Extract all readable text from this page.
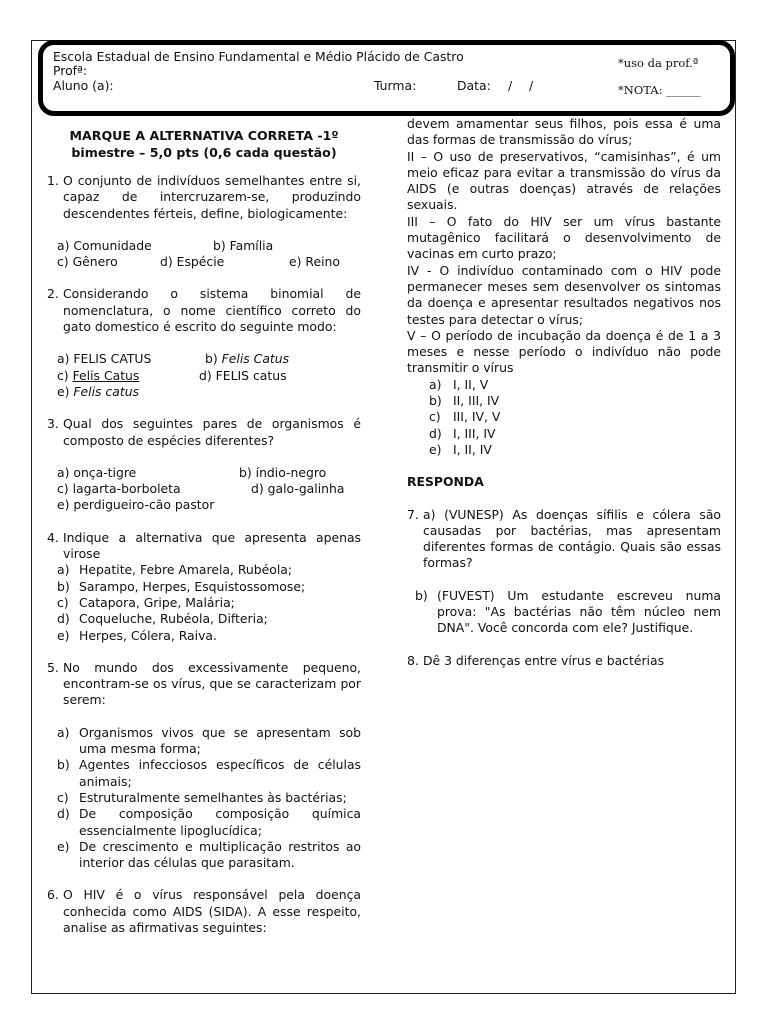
Escola Estadual de Ensino Fundamental e Médio Plácido de Castro
Profª:
Aluno (a):	Turma:	Data: / /
*uso da prof.ª
*NOTA: ______
MARQUE A ALTERNATIVA CORRETA -1º
bimestre – 5,0 pts (0,6 cada questão)
1. O conjunto de indivíduos semelhantes entre si, capaz de intercruzarem-se, produzindo descendentes férteis, define, biologicamente:
a) Comunidade	b) Família
c) Gênero	d) Espécie	e) Reino
2. Considerando o sistema binomial de nomenclatura, o nome científico correto do gato domestico é escrito do seguinte modo:
a) FELIS CATUS	b) Felis Catus
c) Felis Catus	d) FELIS catus
e) Felis catus
3. Qual dos seguintes pares de organismos é composto de espécies diferentes?
a) onça-tigre	b) índio-negro
c) lagarta-borboleta	d) galo-galinha
e) perdigueiro-cão pastor
4. Indique a alternativa que apresenta apenas virose
a) Hepatite, Febre Amarela, Rubéola;
b) Sarampo, Herpes, Esquistossomose;
c) Catapora, Gripe, Malária;
d) Coqueluche, Rubéola, Difteria;
e) Herpes, Cólera, Raiva.
5. No mundo dos excessivamente pequeno, encontram-se os vírus, que se caracterizam por serem:
a) Organismos vivos que se apresentam sob uma mesma forma;
b) Agentes infecciosos específicos de células animais;
c) Estruturalmente semelhantes às bactérias;
d) De composição composição química essencialmente lipoglucídica;
e) De crescimento e multiplicação restritos ao interior das células que parasitam.
6. O HIV é o vírus responsável pela doença conhecida como AIDS (SIDA). A esse respeito, analise as afirmativas seguintes:
devem amamentar seus filhos, pois essa é uma das formas de transmissão do vírus;
II – O uso de preservativos, “camisinhas”, é um meio eficaz para evitar a transmissão do vírus da AIDS (e outras doenças) através de relações sexuais.
III – O fato do HIV ser um vírus bastante mutagênico facilitará o desenvolvimento de vacinas em curto prazo;
IV - O indivíduo contaminado com o HIV pode permanecer meses sem desenvolver os sintomas da doença e apresentar resultados negativos nos testes para detectar o vírus;
V – O período de incubação da doença é de 1 a 3 meses e nesse período o indivíduo não pode transmitir o vírus
a) I, II, V
b) II, III, IV
c) III, IV, V
d) I, III, IV
e) I, II, IV
RESPONDA
7. a) (VUNESP) As doenças sífilis e cólera são causadas por bactérias, mas apresentam diferentes formas de contágio. Quais são essas formas?
b) (FUVEST) Um estudante escreveu numa prova: "As bactérias não têm núcleo nem DNA". Você concorda com ele? Justifique.
8. Dê 3 diferenças entre vírus e bactérias
